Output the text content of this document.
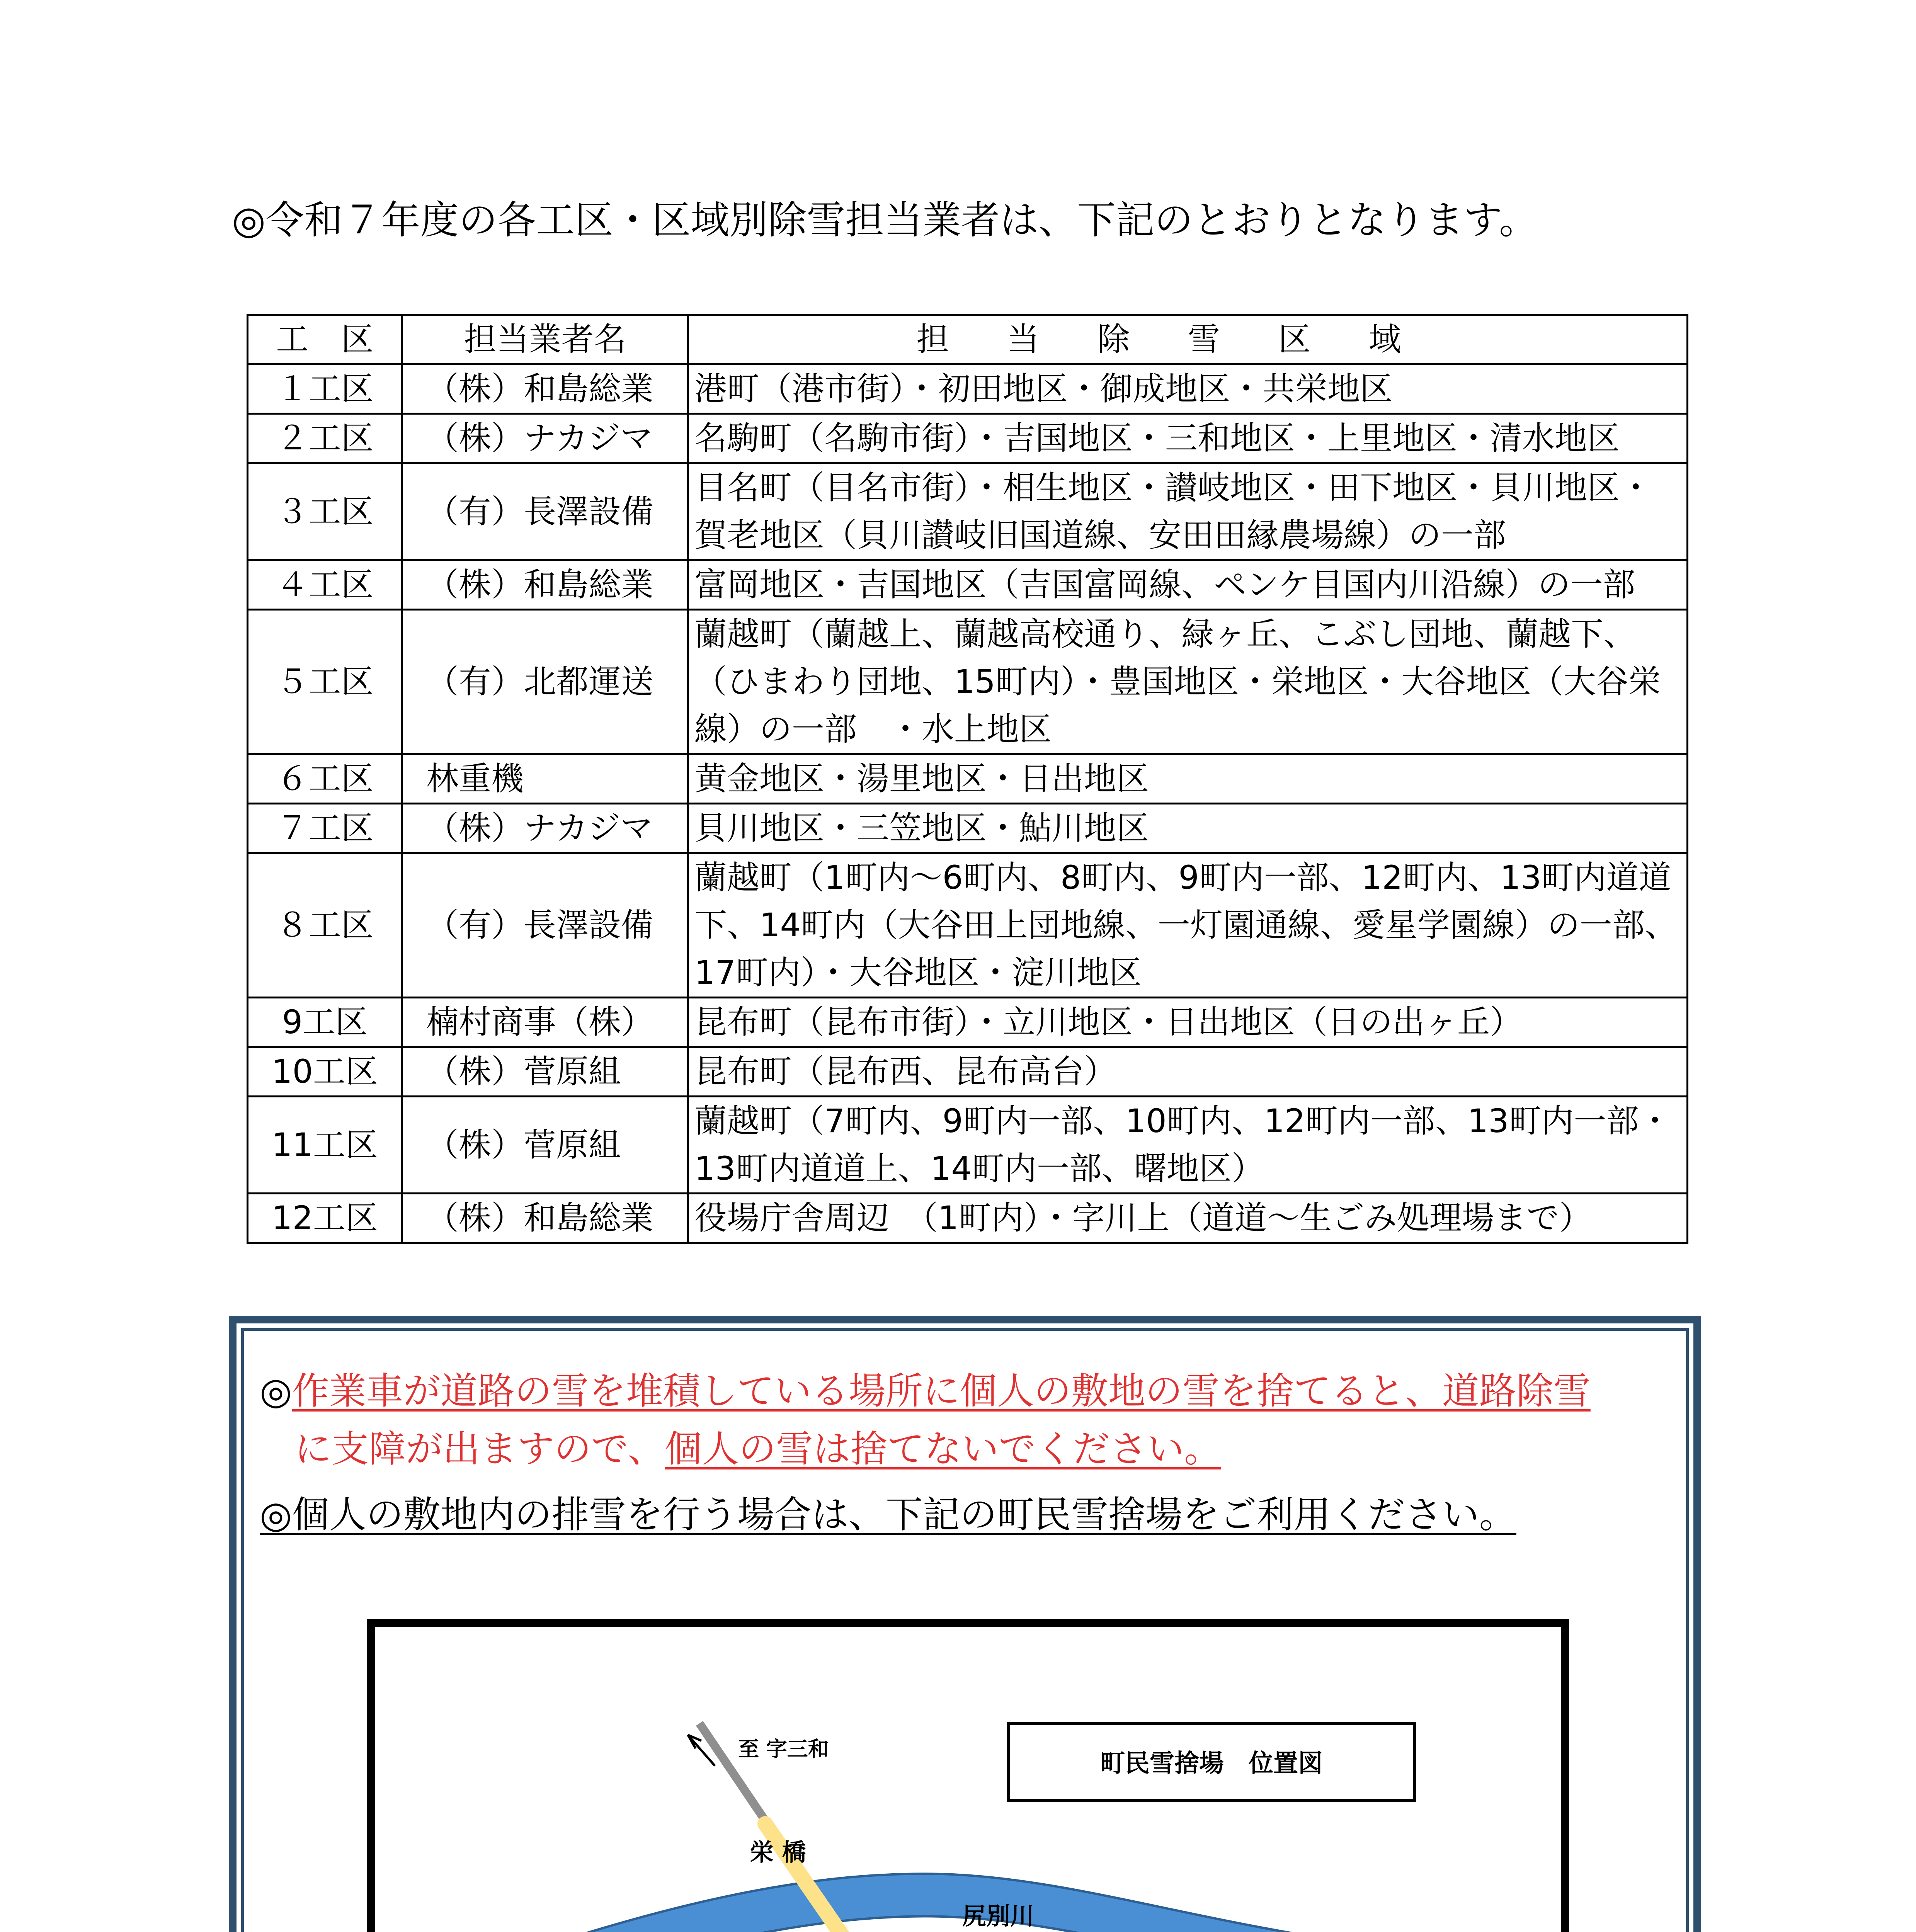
◎令和７年度の各工区・区域別除雪担当業者は、下記のとおりとなります。
工　区	担当業者名	担当除雪区域
１工区	（株）和島総業	港町（港市街）・初田地区・御成地区・共栄地区
２工区	（株）ナカジマ	名駒町（名駒市街）・吉国地区・三和地区・上里地区・清水地区
３工区	（有）長澤設備	目名町（目名市街）・相生地区・讃岐地区・田下地区・貝川地区・賀老地区（貝川讃岐旧国道線、安田田縁農場線）の一部
４工区	（株）和島総業	富岡地区・吉国地区（吉国富岡線、ペンケ目国内川沿線）の一部
５工区	（有）北都運送	蘭越町（蘭越上、蘭越高校通り、緑ヶ丘、こぶし団地、蘭越下、（ひまわり団地、15町内）・豊国地区・栄地区・大谷地区（大谷栄線）の一部　・水上地区
６工区	林重機	黄金地区・湯里地区・日出地区
７工区	（株）ナカジマ	貝川地区・三笠地区・鮎川地区
８工区	（有）長澤設備	蘭越町（1町内～6町内、8町内、9町内一部、12町内、13町内道道下、14町内（大谷田上団地線、一灯園通線、愛星学園線）の一部、17町内）・大谷地区・淀川地区
9工区	楠村商事（株）	昆布町（昆布市街）・立川地区・日出地区（日の出ヶ丘）
10工区	（株）菅原組	昆布町（昆布西、昆布高台）
11工区	（株）菅原組	蘭越町（7町内、9町内一部、10町内、12町内一部、13町内一部・13町内道道上、14町内一部、曙地区）
12工区	（株）和島総業	役場庁舎周辺　（1町内）・字川上（道道～生ごみ処理場まで）
◎作業車が道路の雪を堆積している場所に個人の敷地の雪を捨てると、道路除雪
に支障が出ますので、個人の雪は捨てないでください。
◎個人の敷地内の排雪を行う場合は、下記の町民雪捨場をご利用ください。
町民雪捨場　位置図
至 字三和
栄 橋
尻別川
